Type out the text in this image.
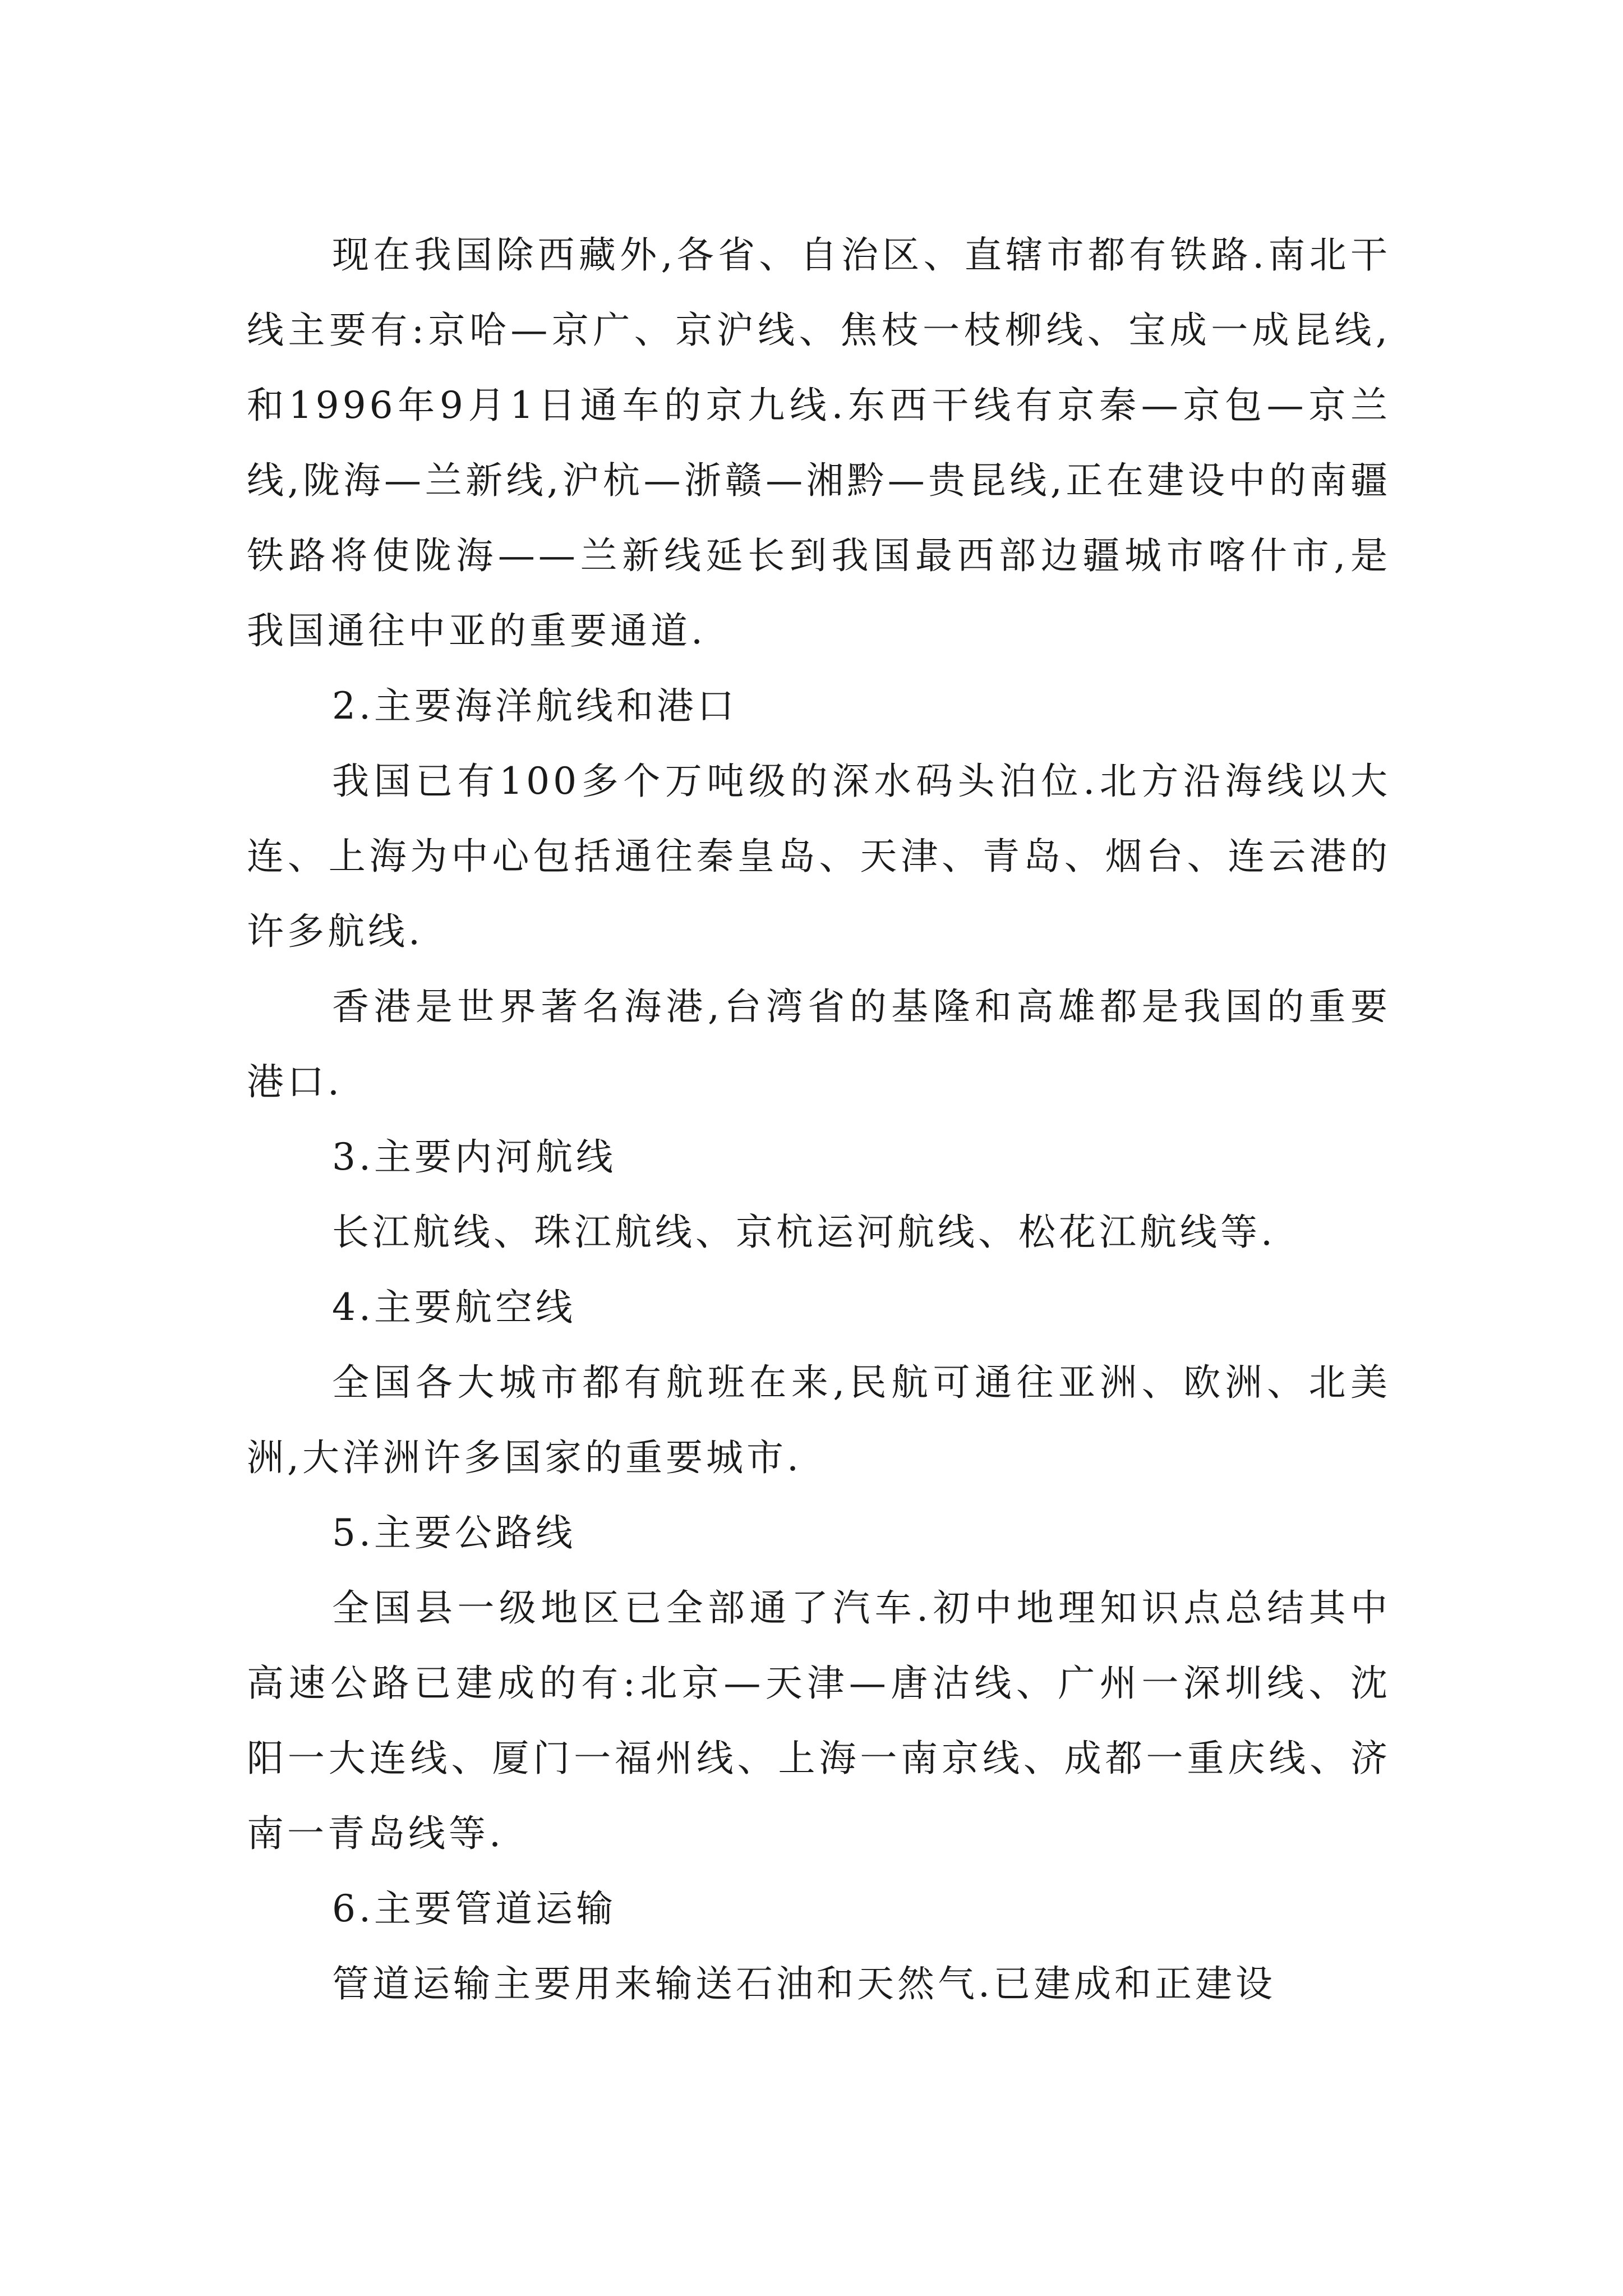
现在我国除西藏外,各省、自治区、直辖市都有铁路.南北干线主要有:京哈—京广、京沪线、焦枝一枝柳线、宝成一成昆线,和1996年9月1日通车的京九线.东西干线有京秦—京包—京兰线,陇海—兰新线,沪杭—浙赣—湘黔—贵昆线,正在建设中的南疆铁路将使陇海——兰新线延长到我国最西部边疆城市喀什市,是我国通往中亚的重要通道.

2.主要海洋航线和港口

我国已有100多个万吨级的深水码头泊位.北方沿海线以大连、上海为中心包括通往秦皇岛、天津、青岛、烟台、连云港的许多航线.

香港是世界著名海港,台湾省的基隆和高雄都是我国的重要港口.

3.主要内河航线

长江航线、珠江航线、京杭运河航线、松花江航线等.

4.主要航空线

全国各大城市都有航班在来,民航可通往亚洲、欧洲、北美洲,大洋洲许多国家的重要城市.

5.主要公路线

全国县一级地区已全部通了汽车.初中地理知识点总结其中高速公路已建成的有:北京—天津—唐沽线、广州一深圳线、沈阳一大连线、厦门一福州线、上海一南京线、成都一重庆线、济南一青岛线等.

6.主要管道运输

管道运输主要用来输送石油和天然气.已建成和正建设
